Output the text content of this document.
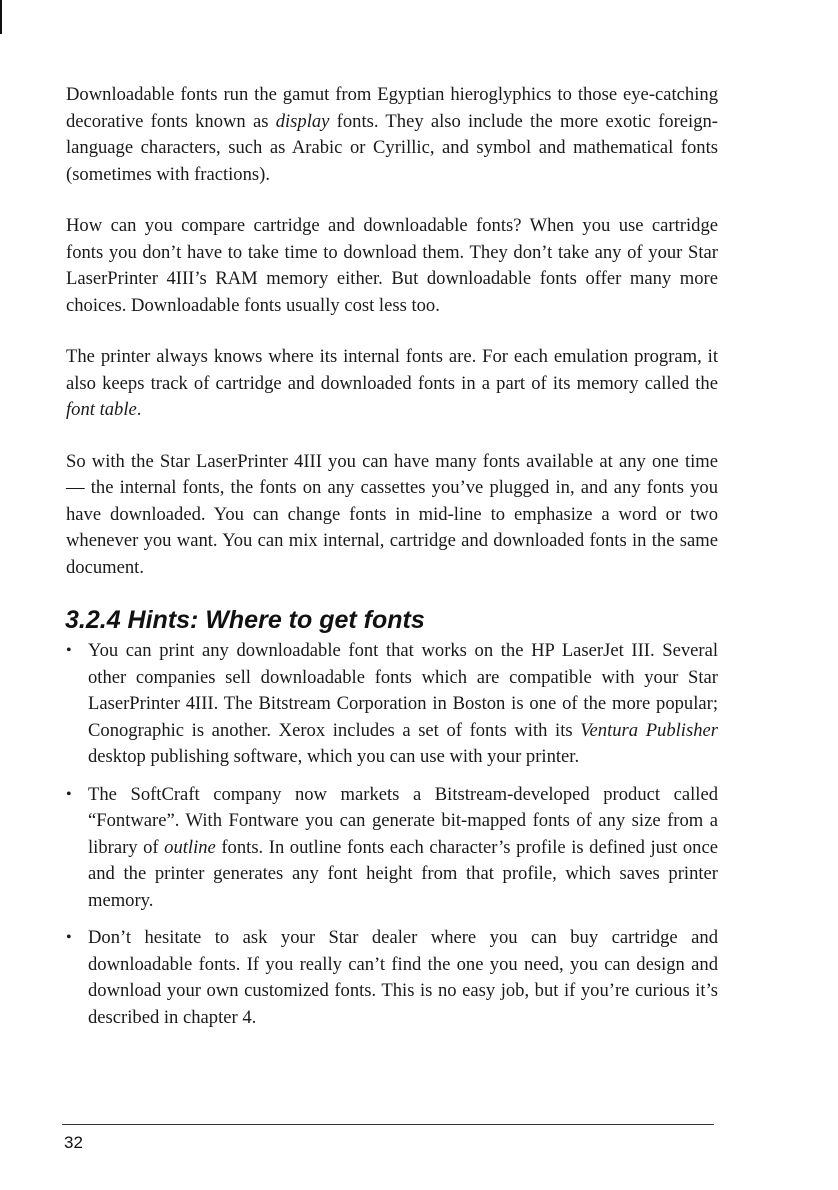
Downloadable fonts run the gamut from Egyptian hieroglyphics to those eye-catching decorative fonts known as display fonts. They also include the more exotic foreign-language characters, such as Arabic or Cyrillic, and symbol and mathematical fonts (sometimes with fractions).

How can you compare cartridge and downloadable fonts? When you use cartridge fonts you don’t have to take time to download them. They don’t take any of your Star LaserPrinter 4III’s RAM memory either. But downloadable fonts offer many more choices. Downloadable fonts usually cost less too.

The printer always knows where its internal fonts are. For each emulation program, it also keeps track of cartridge and downloaded fonts in a part of its memory called the font table.

So with the Star LaserPrinter 4III you can have many fonts available at any one time — the internal fonts, the fonts on any cassettes you’ve plugged in, and any fonts you have downloaded. You can change fonts in mid-line to emphasize a word or two whenever you want. You can mix internal, cartridge and downloaded fonts in the same document.

3.2.4 Hints: Where to get fonts
• You can print any downloadable font that works on the HP LaserJet III. Several other companies sell downloadable fonts which are compatible with your Star LaserPrinter 4III. The Bitstream Corporation in Boston is one of the more popular; Conographic is another. Xerox includes a set of fonts with its Ventura Publisher desktop publishing software, which you can use with your printer.
• The SoftCraft company now markets a Bitstream-developed product called “Fontware”. With Fontware you can generate bit-mapped fonts of any size from a library of outline fonts. In outline fonts each character’s profile is defined just once and the printer generates any font height from that profile, which saves printer memory.
• Don’t hesitate to ask your Star dealer where you can buy cartridge and downloadable fonts. If you really can’t find the one you need, you can design and download your own customized fonts. This is no easy job, but if you’re curious it’s described in chapter 4.
32
